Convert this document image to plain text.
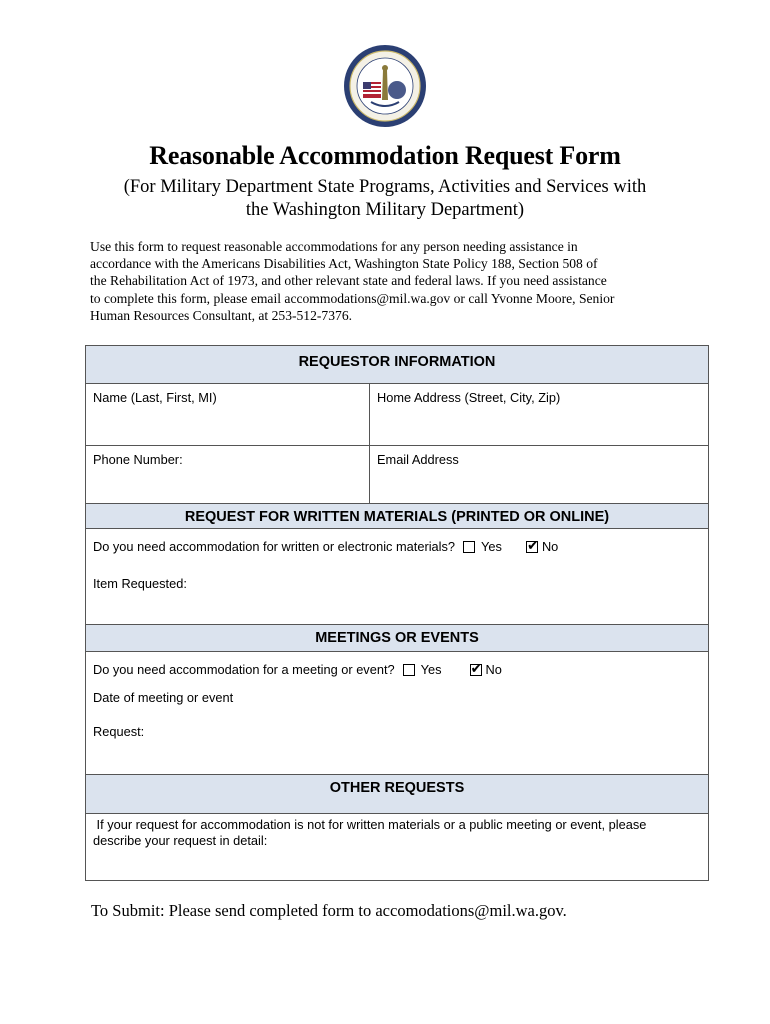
Reasonable Accommodation Request Form
(For Military Department State Programs, Activities and Services with
the Washington Military Department)
Use this form to request reasonable accommodations for any person needing assistance in
accordance with the Americans Disabilities Act, Washington State Policy 188, Section 508 of
the Rehabilitation Act of 1973, and other relevant state and federal laws. If you need assistance
to complete this form, please email accommodations@mil.wa.gov or call Yvonne Moore, Senior
Human Resources Consultant, at 253-512-7376.
REQUESTOR INFORMATION
Name (Last, First, MI)	Home Address (Street, City, Zip)
Phone Number:	Email Address
REQUEST FOR WRITTEN MATERIALS (PRINTED OR ONLINE)
Do you need accommodation for written or electronic materials? Yes ✔	No
Item Requested:
MEETINGS OR EVENTS
Do you need accommodation for a meeting or event? Yes ✔	No
Date of meeting or event
Request:
OTHER REQUESTS
If your request for accommodation is not for written materials or a public meeting or event, please
describe your request in detail:
To Submit: Please send completed form to accomodations@mil.wa.gov.
